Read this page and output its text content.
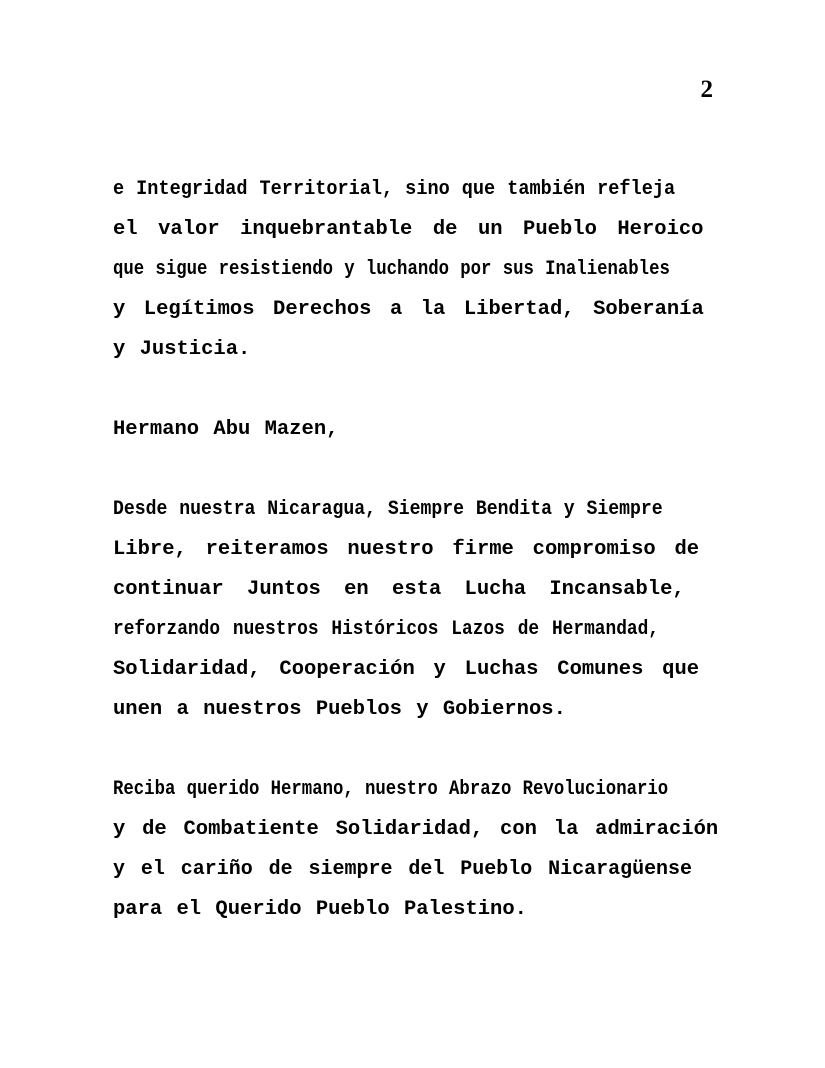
2
e Integridad Territorial, sino que también refleja
el valor inquebrantable de un Pueblo Heroico
que sigue resistiendo y luchando por sus Inalienables
y Legítimos Derechos a la Libertad, Soberanía
y Justicia.
Hermano Abu Mazen,
Desde nuestra Nicaragua, Siempre Bendita y Siempre
Libre, reiteramos nuestro firme compromiso de
continuar Juntos en esta Lucha Incansable,
reforzando nuestros Históricos Lazos de Hermandad,
Solidaridad, Cooperación y Luchas Comunes que
unen a nuestros Pueblos y Gobiernos.
Reciba querido Hermano, nuestro Abrazo Revolucionario
y de Combatiente Solidaridad, con la admiración
y el cariño de siempre del Pueblo Nicaragüense
para el Querido Pueblo Palestino.
